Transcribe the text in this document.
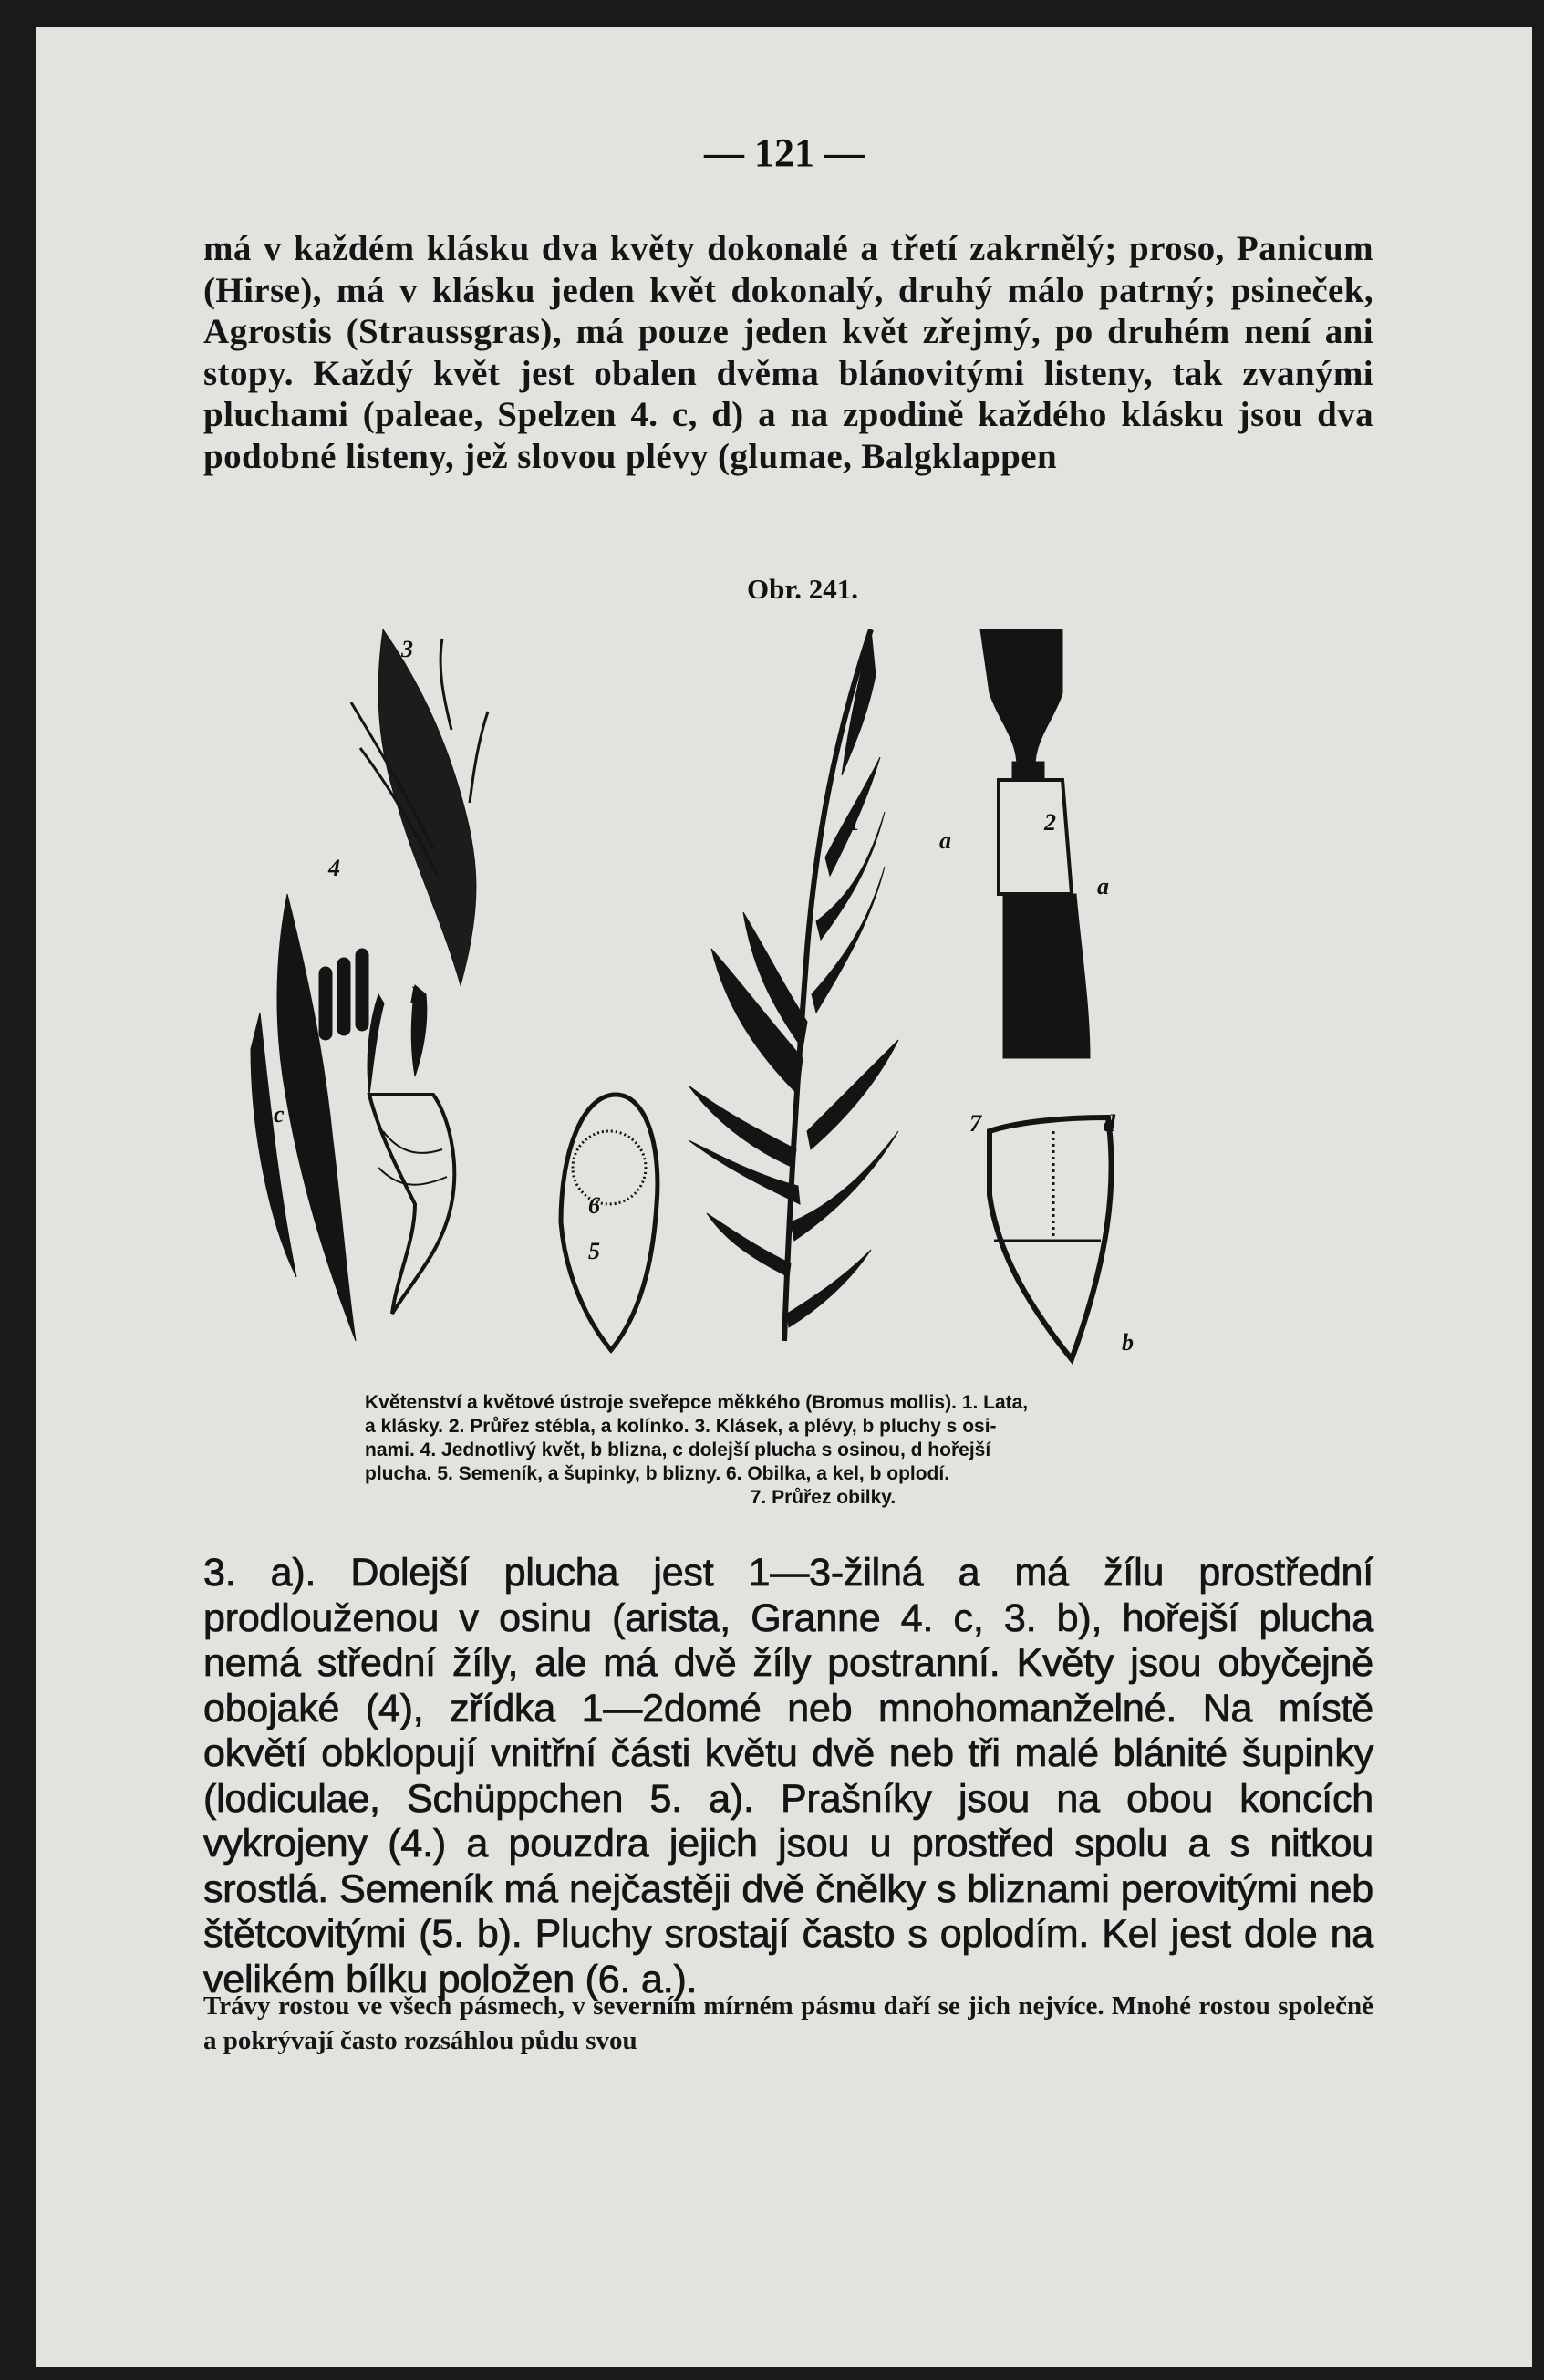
— 121 —

má v každém klásku dva květy dokonalé a třetí zakrnělý; proso, Panicum (Hirse), má v klásku jeden květ dokonalý, druhý málo patrný; psineček, Agrostis (Straussgras), má pouze jeden květ zřejmý, po druhém není ani stopy. Každý květ jest obalen dvěma blánovitými listeny, tak zvanými pluchami (paleae, Spelzen 4. c, d) a na zpodině každého klásku jsou dva podobné listeny, jež slovou plévy (glumae, Balgklappen

Obr. 241.
3
4
1	2
6
5
7
a
a
b
c	d
b

Květenství a květové ústroje sveřepce měkkého (Bromus mollis). 1. Lata,

a klásky. 2. Průřez stébla, a kolínko. 3. Klásek, a plévy, b pluchy s osi-

nami. 4. Jednotlivý květ, b blizna, c dolejší plucha s osinou, d hořejší

plucha. 5. Semeník, a šupinky, b blizny. 6. Obilka, a kel, b oplodí.

7. Průřez obilky.

3. a). Dolejší plucha jest 1—3-žilná a má žílu prostřední prodlouženou v osinu (arista, Granne 4. c, 3. b), hořejší plucha nemá střední žíly, ale má dvě žíly postranní. Květy jsou obyčejně obojaké (4), zřídka 1—2domé neb mnohomanželné. Na místě okvětí obklopují vnitřní části květu dvě neb tři malé blánité šupinky (lodiculae, Schüppchen 5. a). Prašníky jsou na obou koncích vykrojeny (4.) a pouzdra jejich jsou u prostřed spolu a s nitkou srostlá. Semeník má nejčastěji dvě čnělky s bliznami perovitými neb štětcovitými (5. b). Pluchy srostají často s oplodím. Kel jest dole na velikém bílku položen (6. a.).

Trávy rostou ve všech pásmech, v severním mírném pásmu daří se jich nejvíce. Mnohé rostou společně a pokrývají často rozsáhlou půdu svou
